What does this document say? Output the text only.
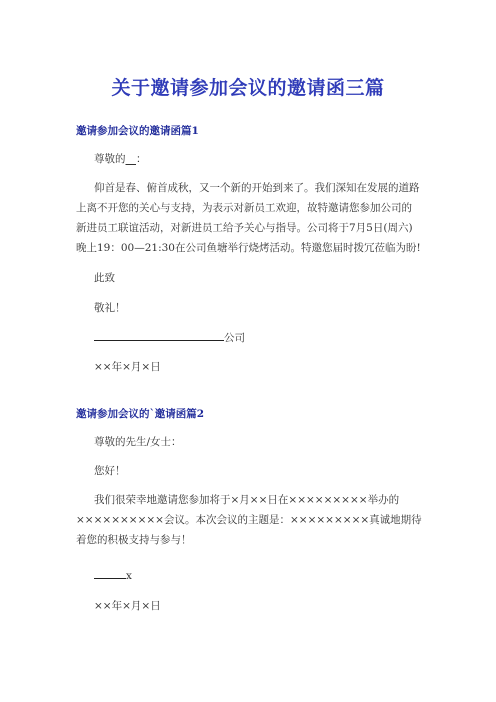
关于邀请参加会议的邀请函三篇
邀请参加会议的邀请函篇1
尊敬的__：
仰首是春、俯首成秋，又一个新的开始到来了。我们深知在发展的道路上离不开您的关心与支持，为表示对新员工欢迎，故特邀请您参加公司的新进员工联谊活动，对新进员工给予关心与指导。公司将于7月5日(周六)晚上19：00—21:30在公司鱼塘举行烧烤活动。特邀您届时拨冗莅临为盼!
此致
敬礼！
公司
××年×月×日
邀请参加会议的`邀请函篇2
尊敬的先生/女士：
您好！
我们很荣幸地邀请您参加将于×月××日在×××××××××举办的××××××××××会议。本次会议的主题是：×××××××××真诚地期待着您的积极支持与参与！
x
××年×月×日
